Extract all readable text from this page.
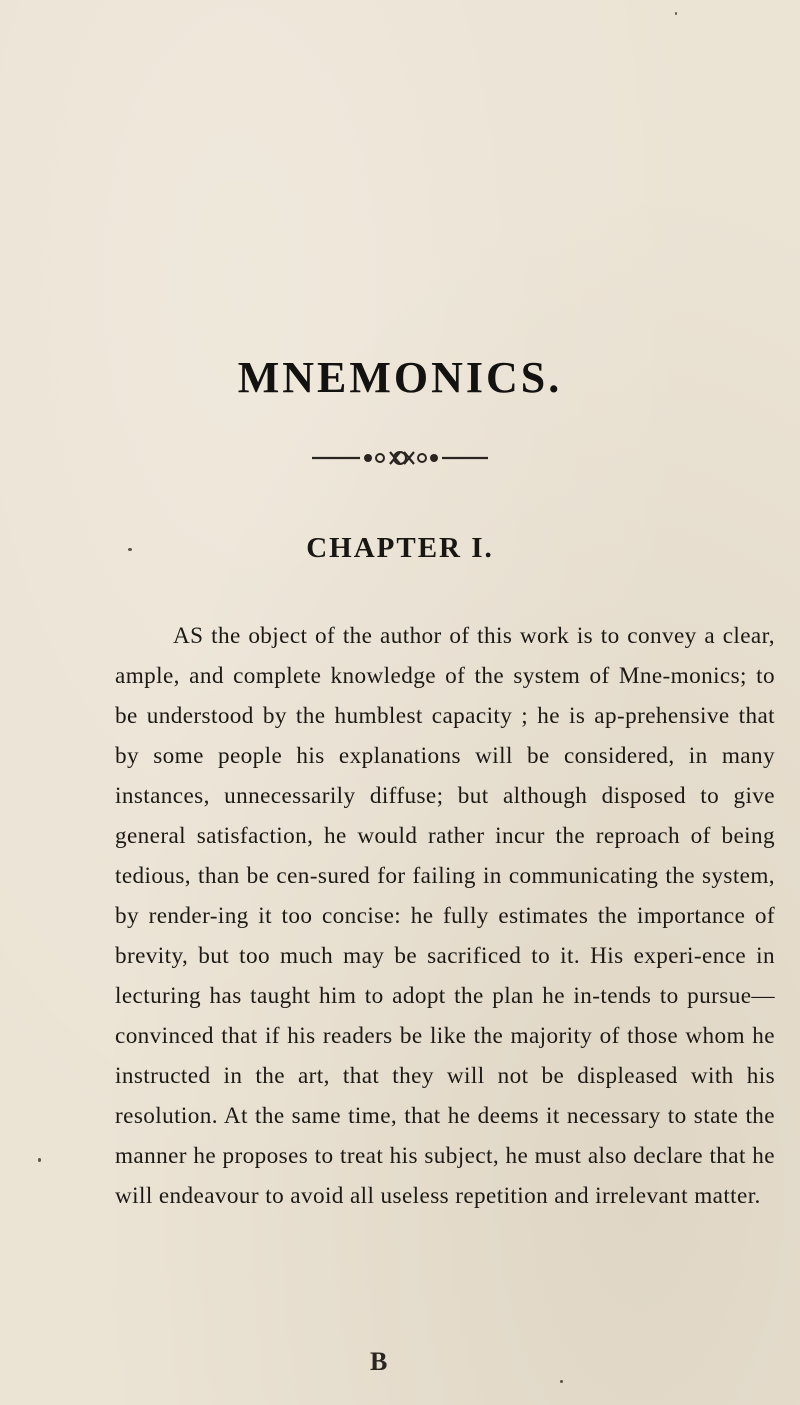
MNEMONICS.
CHAPTER I.

AS the object of the author of this work is to convey a clear, ample, and complete knowledge of the system of Mne-monics; to be understood by the humblest capacity ; he is ap-prehensive that by some people his explanations will be considered, in many instances, unnecessarily diffuse; but although disposed to give general satisfaction, he would rather incur the reproach of being tedious, than be cen-sured for failing in communicating the system, by render-ing it too concise: he fully estimates the importance of brevity, but too much may be sacrificed to it. His experi-ence in lecturing has taught him to adopt the plan he in-tends to pursue—convinced that if his readers be like the majority of those whom he instructed in the art, that they will not be displeased with his resolution. At the same time, that he deems it necessary to state the manner he proposes to treat his subject, he must also declare that he will endeavour to avoid all useless repetition and irrelevant matter.

B
